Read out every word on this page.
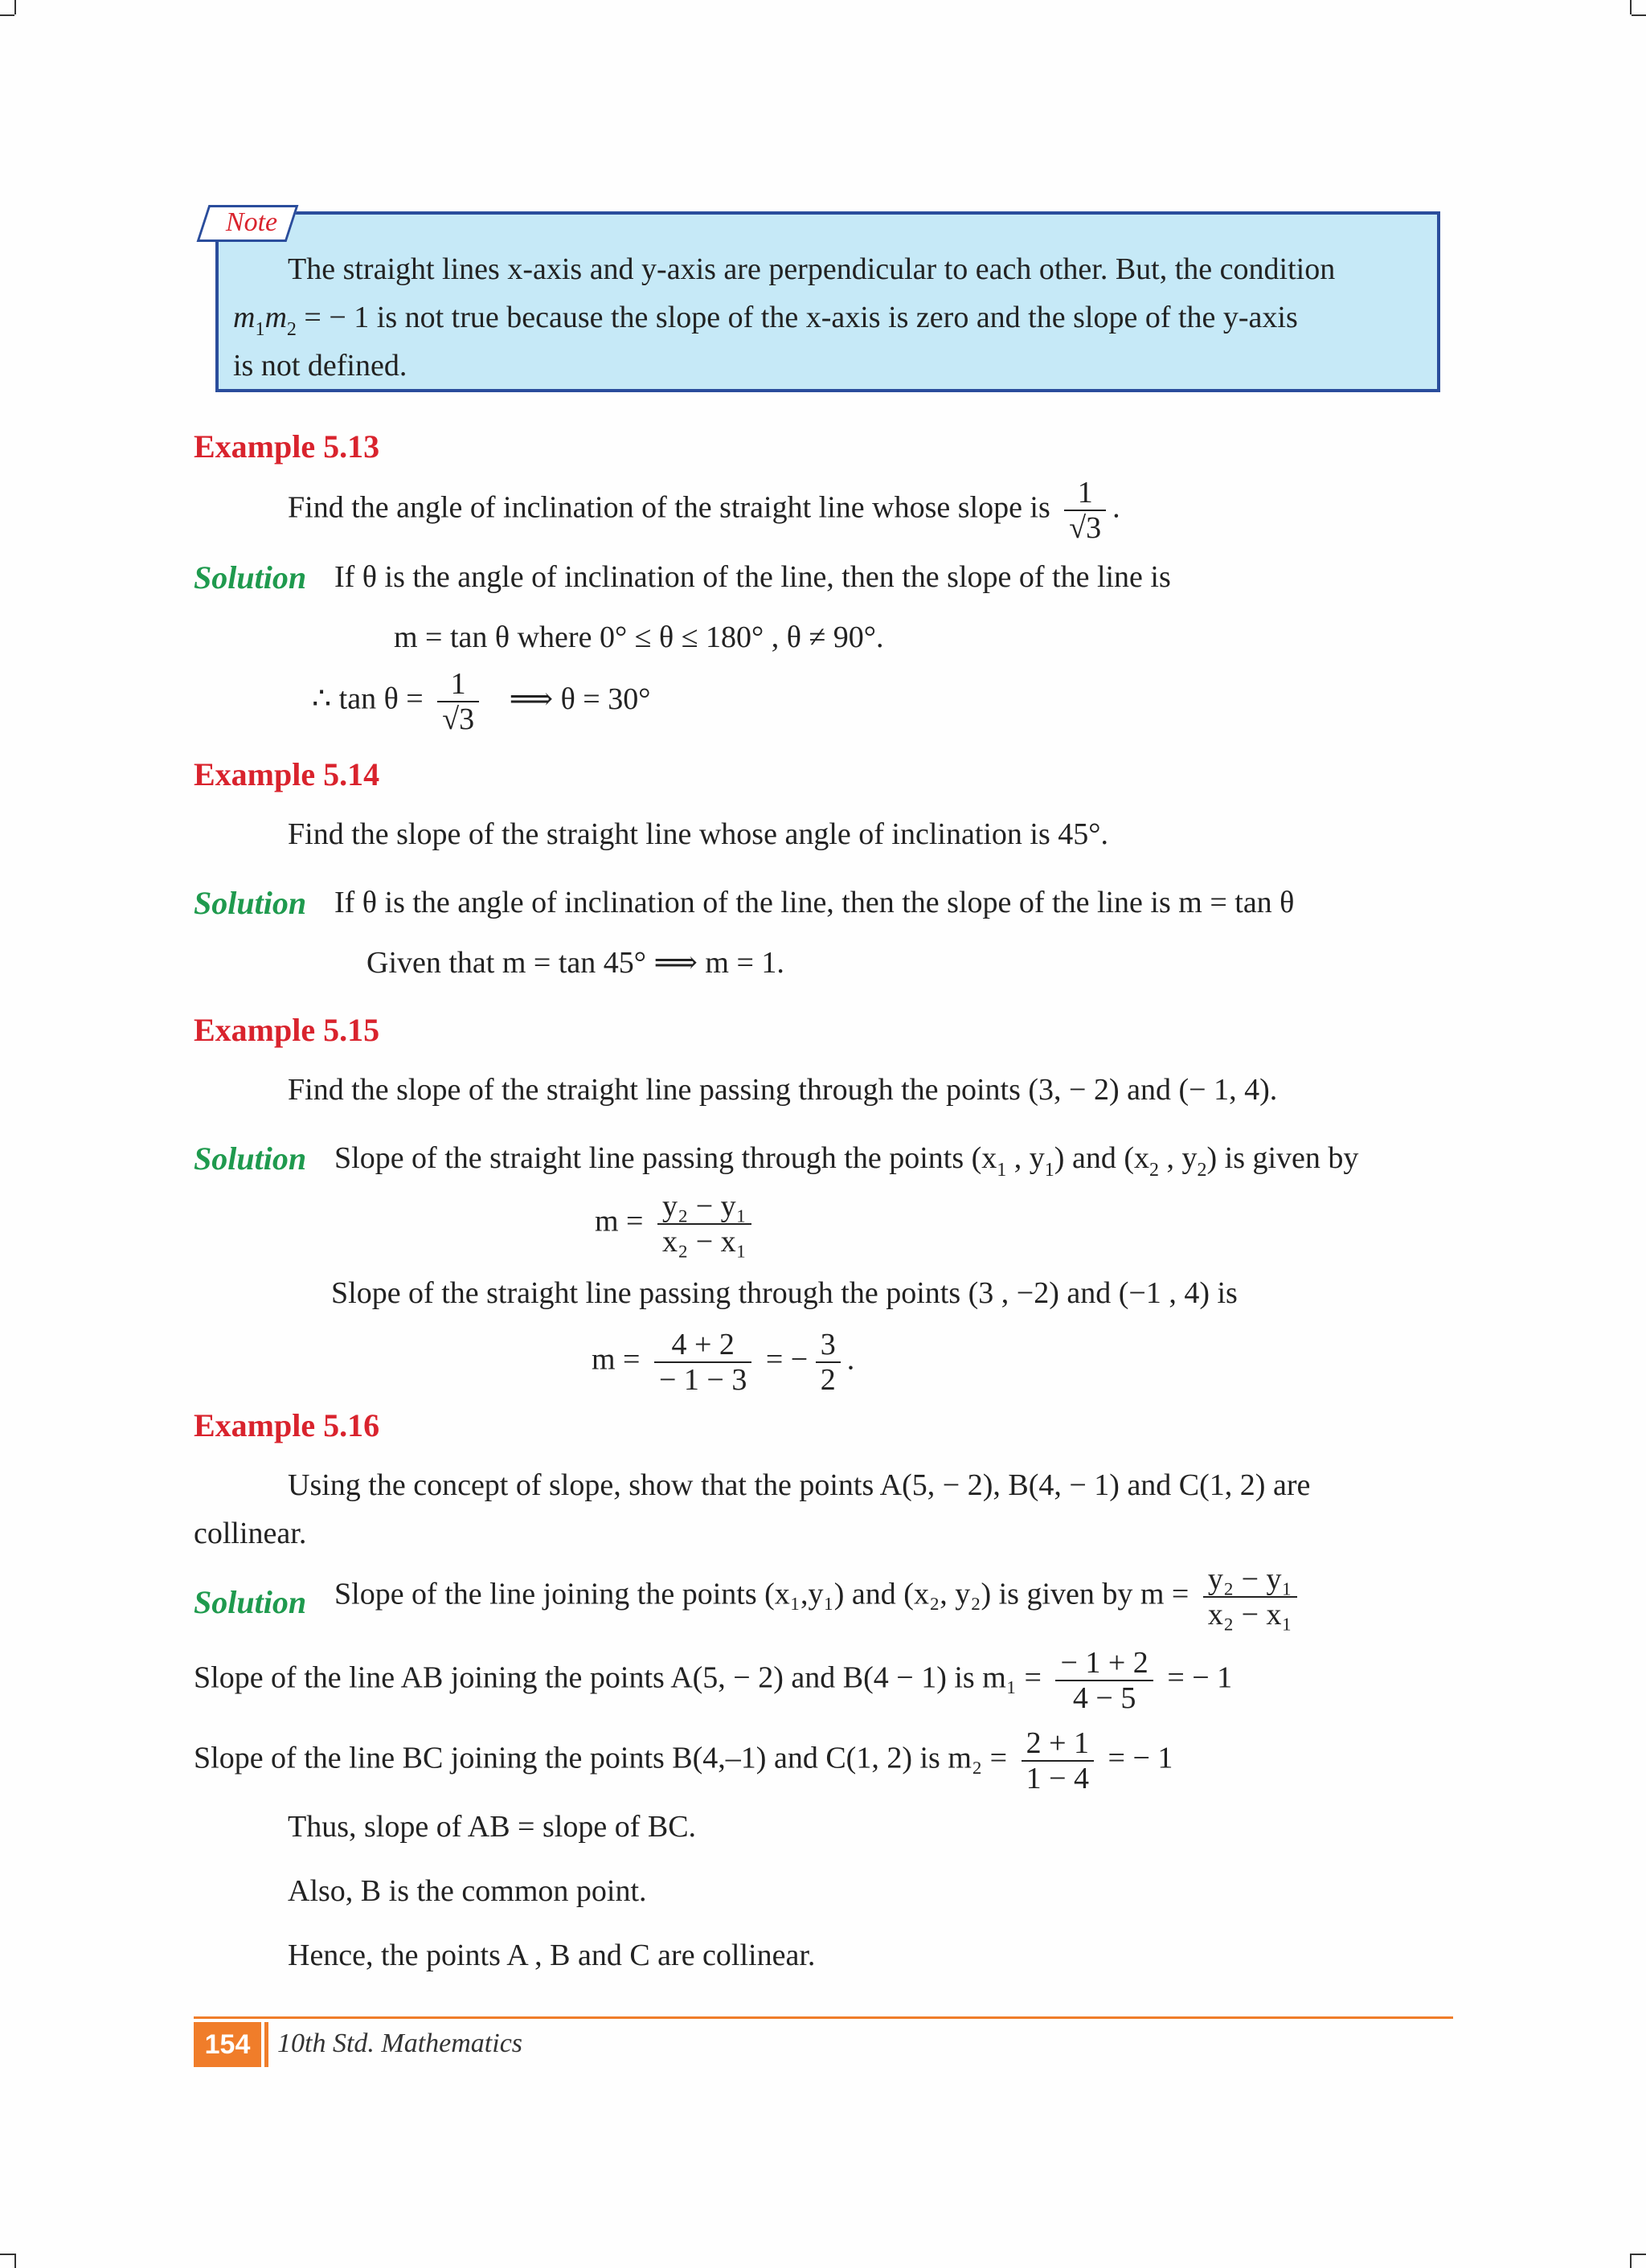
Note
The straight lines x-axis and y-axis are perpendicular to each other. But, the condition
$m_1m_2$ = − 1 is not true because the slope of the x-axis is zero and the slope of the y-axis
is not defined.
Example 5.13
Find the angle of inclination of the straight line whose slope is $\frac{1}{√3}$ .
Solution If θ is the angle of inclination of the line, then the slope of the line is
m = tan θ where 0° ≤ θ ≤ 180° , θ ≠ 90°.
∴ $\tan \theta = \frac{1}{√3}$ ⟹ θ = 30°
Example 5.14
Find the slope of the straight line whose angle of inclination is 45°.
Solution If θ is the angle of inclination of the line, then the slope of the line is m = tan θ
Given that m = tan 45° ⟹ m = 1.
Example 5.15
Find the slope of the straight line passing through the points (3, − 2) and (− 1, 4).
Solution Slope of the straight line passing through the points ($x_1$ , $y_1$) and ($x_2$ , $y_2$) is given by
$m = \frac{\text{y₂ − y₁}}{\text{x₂ − x₁}}$
Slope of the straight line passing through the points (3 , −2) and (−1 , 4) is
$m = \frac{4 + 2}{- 1 - 3}$ = − $\frac{3}{2}$ .
Example 5.16
Using the concept of slope, show that the points A(5, − 2), B(4, − 1) and C(1, 2) are
collinear.
Solution Slope of the line joining the points (x₁,y₁) and (x₂, y₂) is given by $m = \frac{\text{y₂ − y₁}}{\text{x₂ − x₁}}$
Slope of the line AB joining the points A(5, − 2) and B(4 − 1) is $m_1 = \frac{- 1 + 2}{4 - 5}$ = − 1
Slope of the line BC joining the points B(4,–1) and C(1, 2) is $m_2 = \frac{2 + 1}{1 - 4}$ = − 1
Thus, slope of AB = slope of BC.
Also, B is the common point.
Hence, the points A , B and C are collinear.
154 10th Std. Mathematics
